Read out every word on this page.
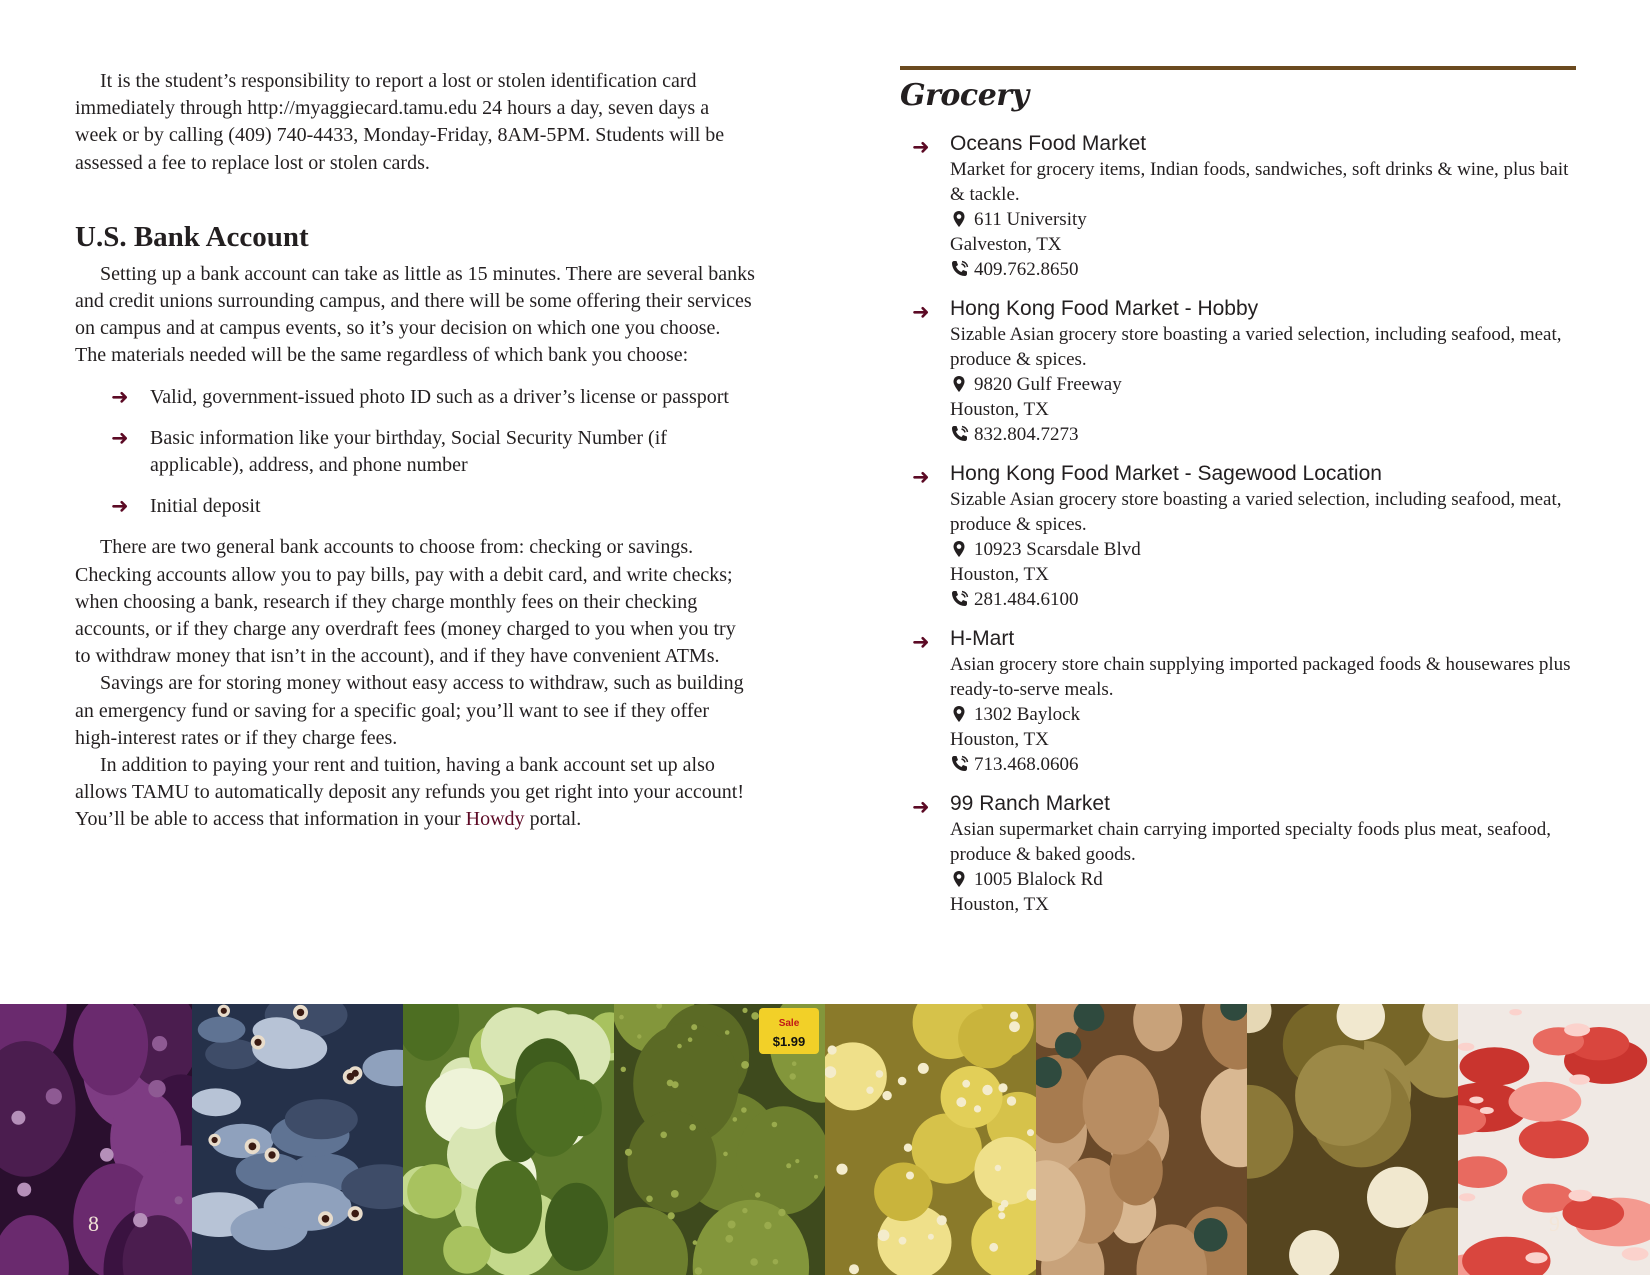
It is the student’s responsibility to report a lost or stolen identification card immediately through http://myaggiecard.tamu.edu 24 hours a day, seven days a week or by calling (409) 740-4433, Monday-Friday, 8AM-5PM. Students will be assessed a fee to replace lost or stolen cards.

U.S. Bank Account

Setting up a bank account can take as little as 15 minutes. There are several banks and credit unions surrounding campus, and there will be some offering their services on campus and at campus events, so it’s your decision on which one you choose. The materials needed will be the same regardless of which bank you choose:

➜ Valid, government-issued photo ID such as a driver’s license or passport
➜ Basic information like your birthday, Social Security Number (if applicable), address, and phone number
➜ Initial deposit

There are two general bank accounts to choose from: checking or savings. Checking accounts allow you to pay bills, pay with a debit card, and write checks; when choosing a bank, research if they charge monthly fees on their checking accounts, or if they charge any overdraft fees (money charged to you when you try to withdraw money that isn’t in the account), and if they have convenient ATMs.

Savings are for storing money without easy access to withdraw, such as building an emergency fund or saving for a specific goal; you’ll want to see if they offer high-interest rates or if they charge fees.

In addition to paying your rent and tuition, having a bank account set up also allows TAMU to automatically deposit any refunds you get right into your account! You’ll be able to access that information in your Howdy portal.

Grocery
➜ Oceans Food Market
Market for grocery items, Indian foods, sandwiches, soft drinks & wine, plus bait & tackle.
611 University
Galveston, TX
409.762.8650
➜ Hong Kong Food Market - Hobby
Sizable Asian grocery store boasting a varied selection, including seafood, meat, produce & spices.
9820 Gulf Freeway
Houston, TX
832.804.7273
➜ Hong Kong Food Market - Sagewood Location
Sizable Asian grocery store boasting a varied selection, including seafood, meat, produce & spices.
10923 Scarsdale Blvd
Houston, TX
281.484.6100
➜ H-Mart
Asian grocery store chain supplying imported packaged foods & housewares plus ready-to-serve meals.
1302 Baylock
Houston, TX
713.468.0606
➜ 99 Ranch Market
Asian supermarket chain carrying imported specialty foods plus meat, seafood, produce & baked goods.
1005 Blalock Rd
Houston, TX
Sale
$1.99
8	9
